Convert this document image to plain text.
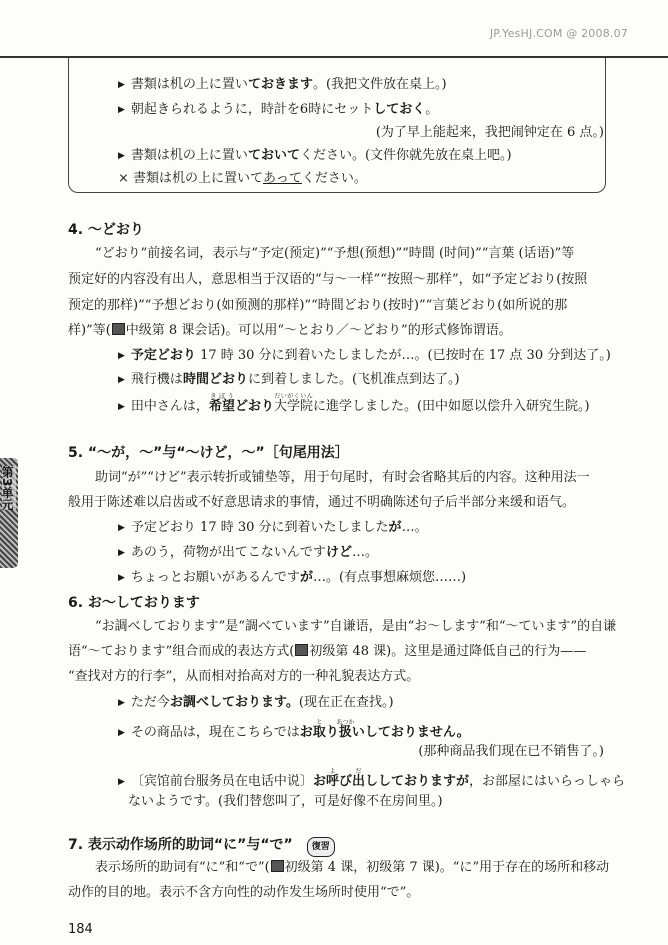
JP.YesHJ.COM @ 2008.07
第3单元
▶ 書類は机の上に置いておきます。(我把文件放在桌上。)
▶ 朝起きられるように，時計を6時にセットしておく。
(为了早上能起来，我把闹钟定在 6 点。)
▶ 書類は机の上に置いておいてください。(文件你就先放在桌上吧。)
× 書類は机の上に置いてあってください。
4. ～どおり
“どおり”前接名词，表示与“予定(预定)”“予想(预想)”“時間 (时间)”“言葉 (话语)”等
预定好的内容没有出人，意思相当于汉语的“与～一样”“按照～那样”，如“予定どおり(按照
预定的那样)”“予想どおり(如预测的那样)”“時間どおり(按时)”“言葉どおり(如所说的那
样)”等( 中级第 8 课会话)。可以用“～とおり／～どおり”的形式修饰谓语。
▶ 予定どおり 17 時 30 分に到着いたしましたが…。(已按时在 17 点 30 分到达了。)
▶ 飛行機は時間どおりに到着しました。(飞机准点到达了。)
▶ 田中さんは，希望きぼうどおり大学院だいがくいんに進学しました。(田中如愿以偿升入研究生院。)
5. “～が，～”与“～けど，～”［句尾用法］
助词“が”“けど”表示转折或铺垫等，用于句尾时，有时会省略其后的内容。这种用法一
般用于陈述难以启齿或不好意思请求的事情，通过不明确陈述句子后半部分来缓和语气。
▶ 予定どおり 17 時 30 分に到着いたしましたが…。
▶ あのう，荷物が出てこないんですけど…。
▶ ちょっとお願いがあるんですが…。(有点事想麻烦您……)
6. お～しております
“お調べしております”是“調べています”自谦语，是由“お～します”和“～ています”的自谦
语“～ております”组合而成的表达方式( 初级第 48 课)。这里是通过降低自己的行为——
“查找对方的行李”，从而相对抬高对方的一种礼貌表达方式。
▶ ただ今お調べしております。(现在正在查找。)
▶ その商品は，現在こちらではお取とり扱あつかいしておりません。
(那种商品我们现在已不销售了。)
▶ 〔宾馆前台服务员在电话中说〕お呼よび出だししておりますが，お部屋にはいらっしゃら
ないようです。(我们替您叫了，可是好像不在房间里。)
7. 表示动作场所的助词“に”与“で” 復習
表示场所的助词有“に”和“で”( 初级第 4 课，初级第 7 课)。“に”用于存在的场所和移动
动作的目的地。表示不含方向性的动作发生场所时使用“で”。
184
